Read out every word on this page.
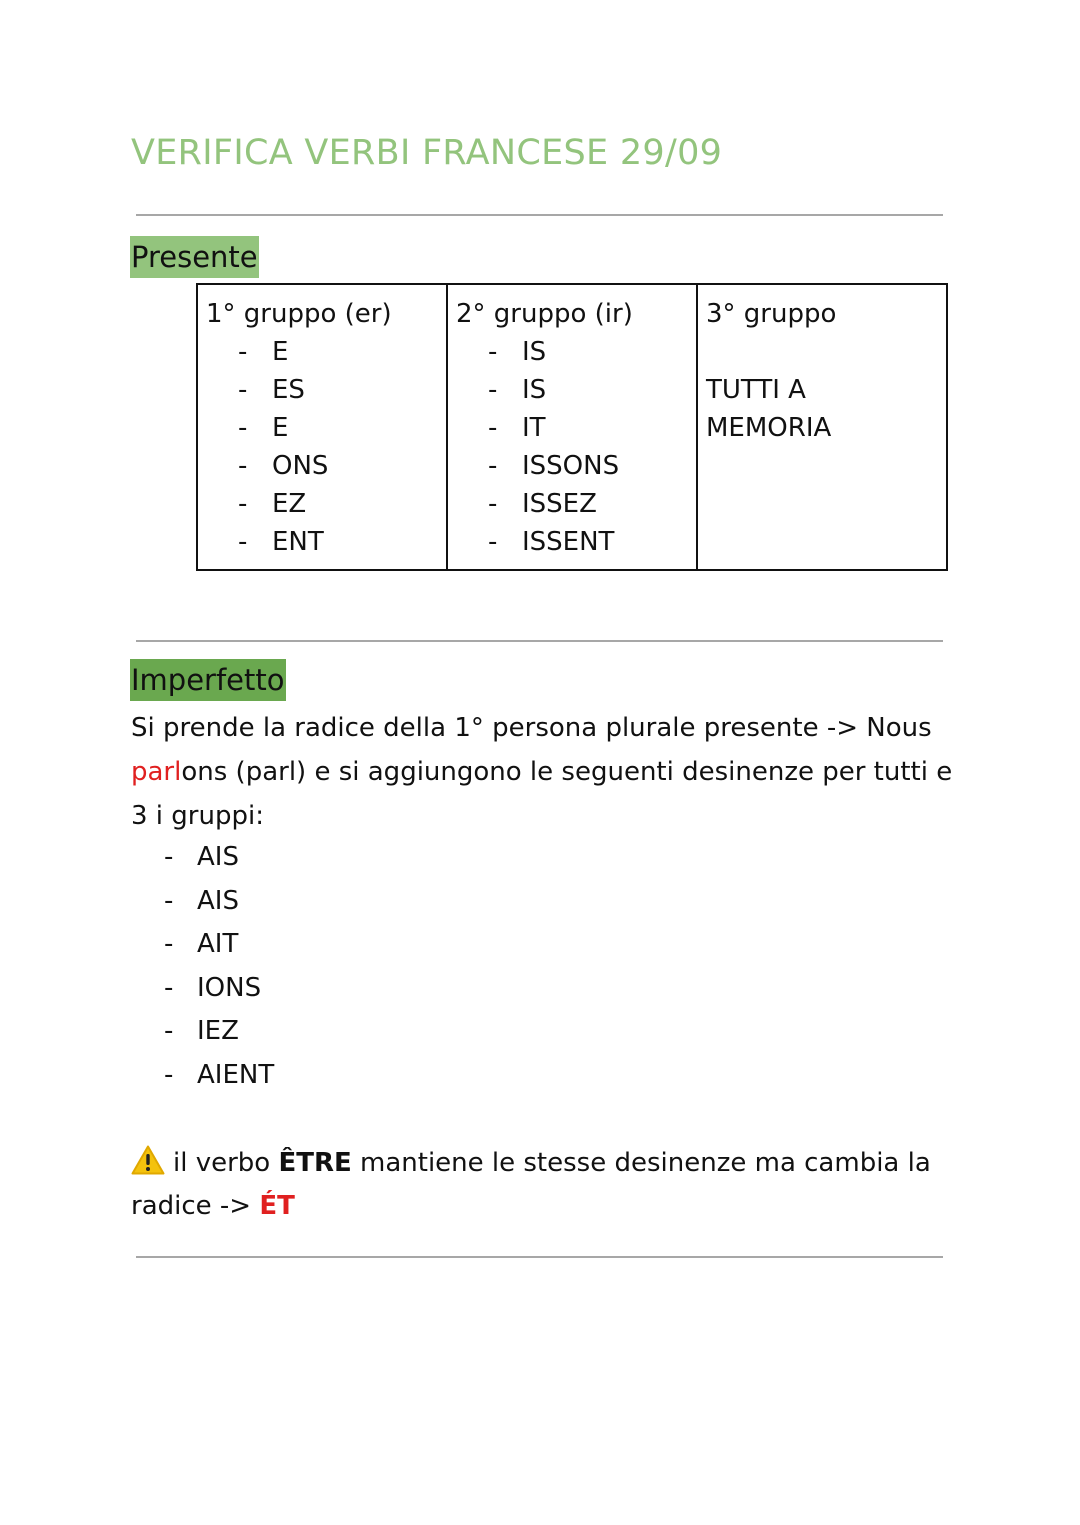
VERIFICA VERBI FRANCESE 29/09
Presente
1° gruppo (er)
- E
- ES
- E
- ONS
- EZ
- ENT

2° gruppo (ir)
- IS
- IS
- IT
- ISSONS
- ISSEZ
- ISSENT

3° gruppo
TUTTI A
MEMORIA
Imperfetto

Si prende la radice della 1° persona plurale presente -> Nous parlons (parl) e si aggiungono le seguenti desinenze per tutti e 3 i gruppi:

- AIS
- AIS
- AIT
- IONS
- IEZ
- AIENT

il verbo ÊTRE mantiene le stesse desinenze ma cambia la radice -> ÉT
